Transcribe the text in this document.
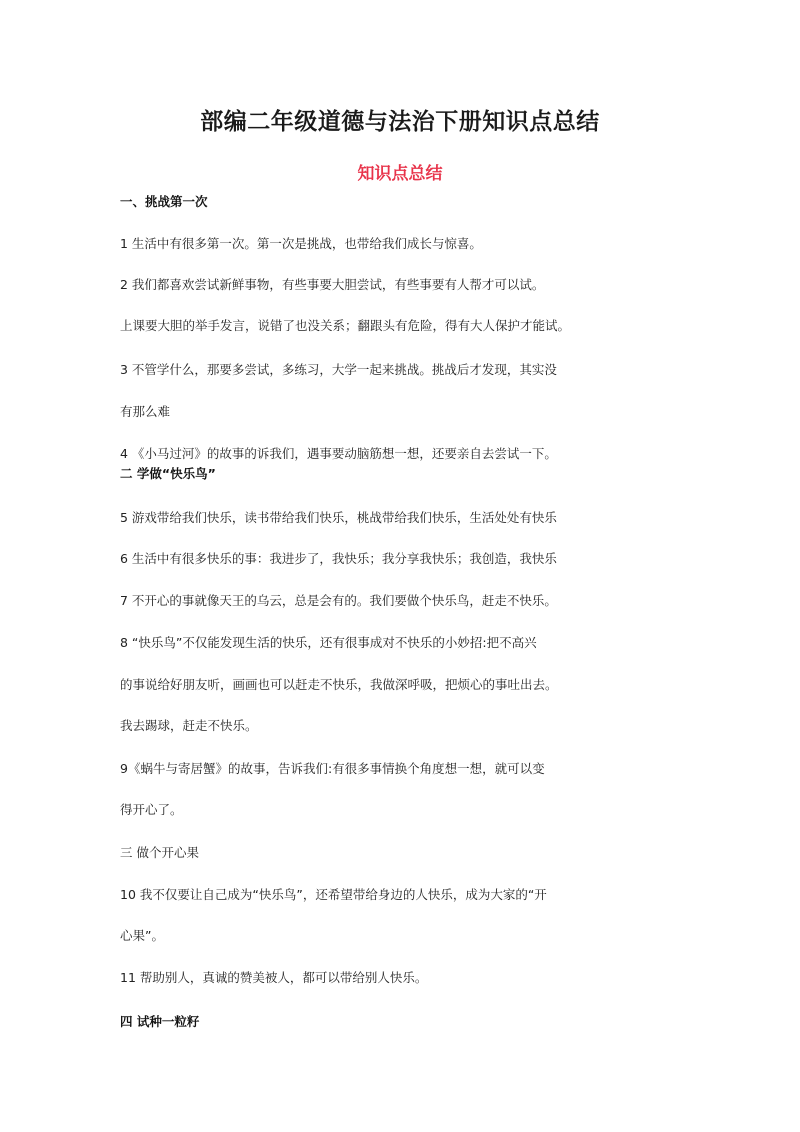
部编二年级道德与法治下册知识点总结
知识点总结
一、挑战第一次
1 生活中有很多第一次。第一次是挑战，也带给我们成长与惊喜。
2 我们都喜欢尝试新鲜事物，有些事要大胆尝试，有些事要有人帮才可以试。
上课要大胆的举手发言，说错了也没关系；翻跟头有危险，得有大人保护才能试。
3 不管学什么，那要多尝试，多练习，大学一起来挑战。挑战后才发现，其实没
有那么难
4 《小马过河》的故事的诉我们，遇事要动脑筋想一想，还要亲自去尝试一下。
二 学做“快乐鸟”
5 游戏带给我们快乐，读书带给我们快乐，桃战带给我们快乐，生活处处有快乐
6 生活中有很多快乐的事：我进步了，我快乐；我分享我快乐；我创造，我快乐
7 不开心的事就像天王的乌云，总是会有的。我们要做个快乐鸟，赶走不快乐。
8 “快乐鸟”不仅能发现生活的快乐，还有很事成对不快乐的小妙招:把不高兴
的事说给好朋友听，画画也可以赶走不快乐，我做深呼吸，把烦心的事吐出去。
我去踢球，赶走不快乐。
9《蜗牛与寄居蟹》的故事，告诉我们:有很多事情换个角度想一想，就可以变
得开心了。
三 做个开心果
10 我不仅要让自己成为“快乐鸟”，还希望带给身边的人快乐，成为大家的“开
心果”。
11 帮助别人，真诚的赞美被人，都可以带给别人快乐。
四 试种一粒籽
